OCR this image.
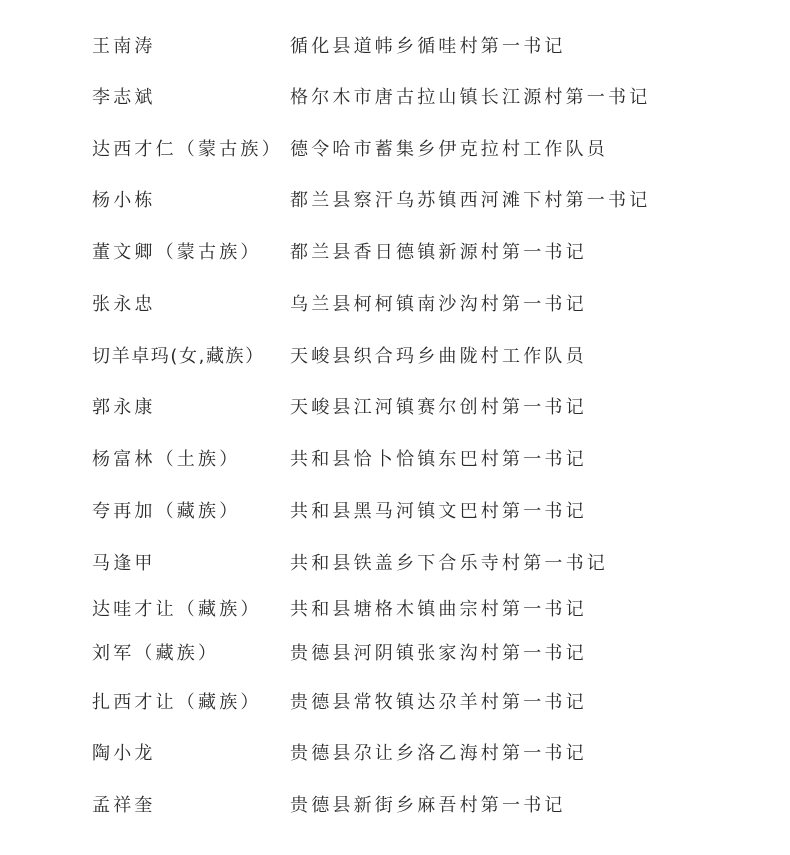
王南涛	循化县道帏乡循哇村第一书记
李志斌	格尔木市唐古拉山镇长江源村第一书记
达西才仁（蒙古族） 德令哈市蓄集乡伊克拉村工作队员
杨小栋	都兰县察汗乌苏镇西河滩下村第一书记
董文卿（蒙古族） 都兰县香日德镇新源村第一书记
张永忠	乌兰县柯柯镇南沙沟村第一书记
切羊卓玛(女,藏族） 天峻县织合玛乡曲陇村工作队员
郭永康	天峻县江河镇赛尔创村第一书记
杨富林（土族）	共和县恰卜恰镇东巴村第一书记
夸再加（藏族）	共和县黑马河镇文巴村第一书记
马逢甲	共和县铁盖乡下合乐寺村第一书记
达哇才让（藏族） 共和县塘格木镇曲宗村第一书记
刘军（藏族）	贵德县河阴镇张家沟村第一书记
扎西才让（藏族） 贵德县常牧镇达尕羊村第一书记
陶小龙	贵德县尕让乡洛乙海村第一书记
孟祥奎	贵德县新街乡麻吾村第一书记
